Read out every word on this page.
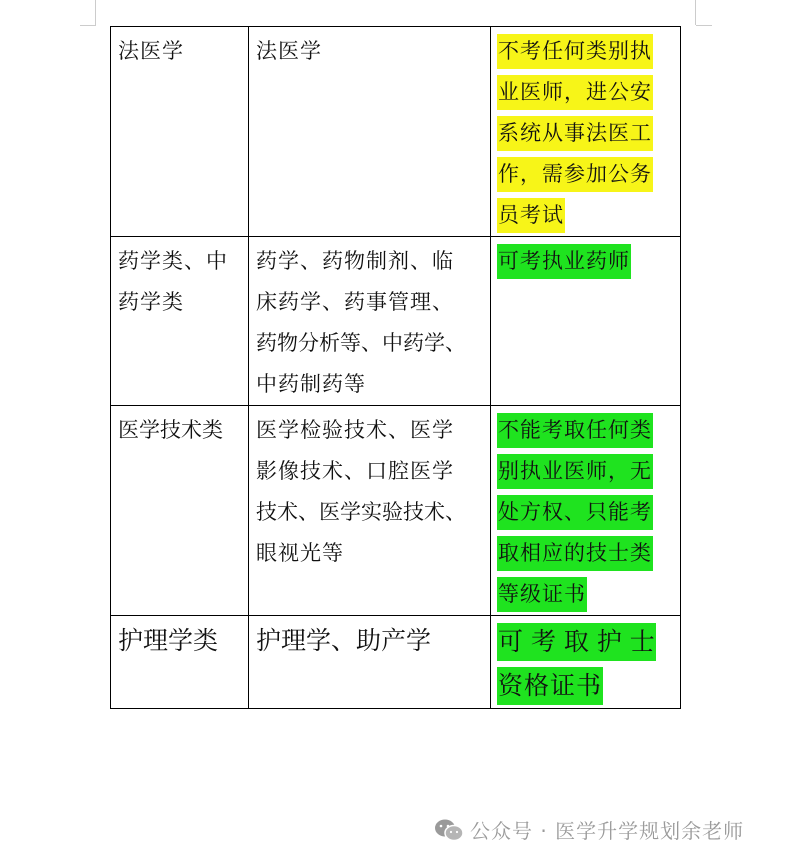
法医学	法医学	不考任何类别执
业医师，进公安
系统从事法医工
作，需参加公务
员考试

药学类、中
药学类	药学、药物制剂、临
床药学、药事管理、
药物分析等、中药学、
中药制药等	可考执业药师

医学技术类	医学检验技术、医学
影像技术、口腔医学
技术、医学实验技术、
眼视光等	不能考取任何类
别执业医师，无
处方权、只能考
取相应的技士类
等级证书

护理学类	护理学、助产学	可 考 取 护 士
资格证书
公众号 · 医学升学规划余老师
